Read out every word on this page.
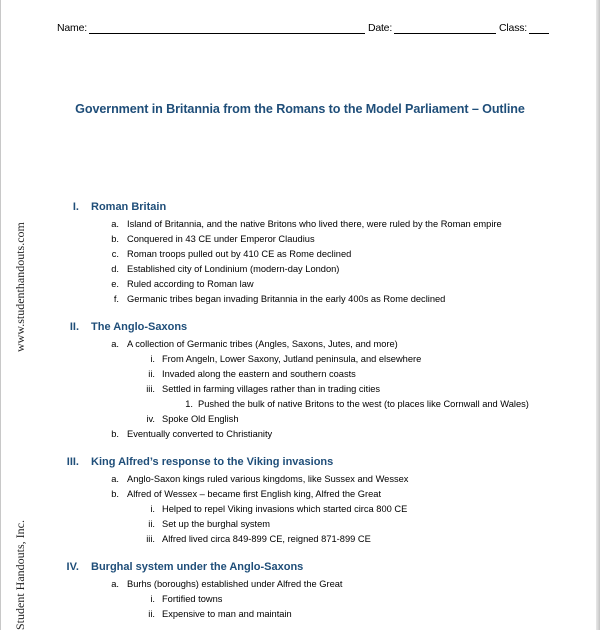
Name:	Date:	Class:
Government in Britannia from the Romans to the Model Parliament – Outline
www.studenthandouts.com
Student Handouts, Inc.
I. Roman Britain
a. Island of Britannia, and the native Britons who lived there, were ruled by the Roman empire
b. Conquered in 43 CE under Emperor Claudius
c. Roman troops pulled out by 410 CE as Rome declined
d. Established city of Londinium (modern-day London)
e. Ruled according to Roman law
f. Germanic tribes began invading Britannia in the early 400s as Rome declined
II. The Anglo-Saxons
a. A collection of Germanic tribes (Angles, Saxons, Jutes, and more)
i. From Angeln, Lower Saxony, Jutland peninsula, and elsewhere
ii. Invaded along the eastern and southern coasts
iii. Settled in farming villages rather than in trading cities
1. Pushed the bulk of native Britons to the west (to places like Cornwall and Wales)
iv. Spoke Old English
b. Eventually converted to Christianity
III. King Alfred’s response to the Viking invasions
a. Anglo-Saxon kings ruled various kingdoms, like Sussex and Wessex
b. Alfred of Wessex – became first English king, Alfred the Great
i. Helped to repel Viking invasions which started circa 800 CE
ii. Set up the burghal system
iii. Alfred lived circa 849-899 CE, reigned 871-899 CE
IV. Burghal system under the Anglo-Saxons
a. Burhs (boroughs) established under Alfred the Great
i. Fortified towns
ii. Expensive to man and maintain
